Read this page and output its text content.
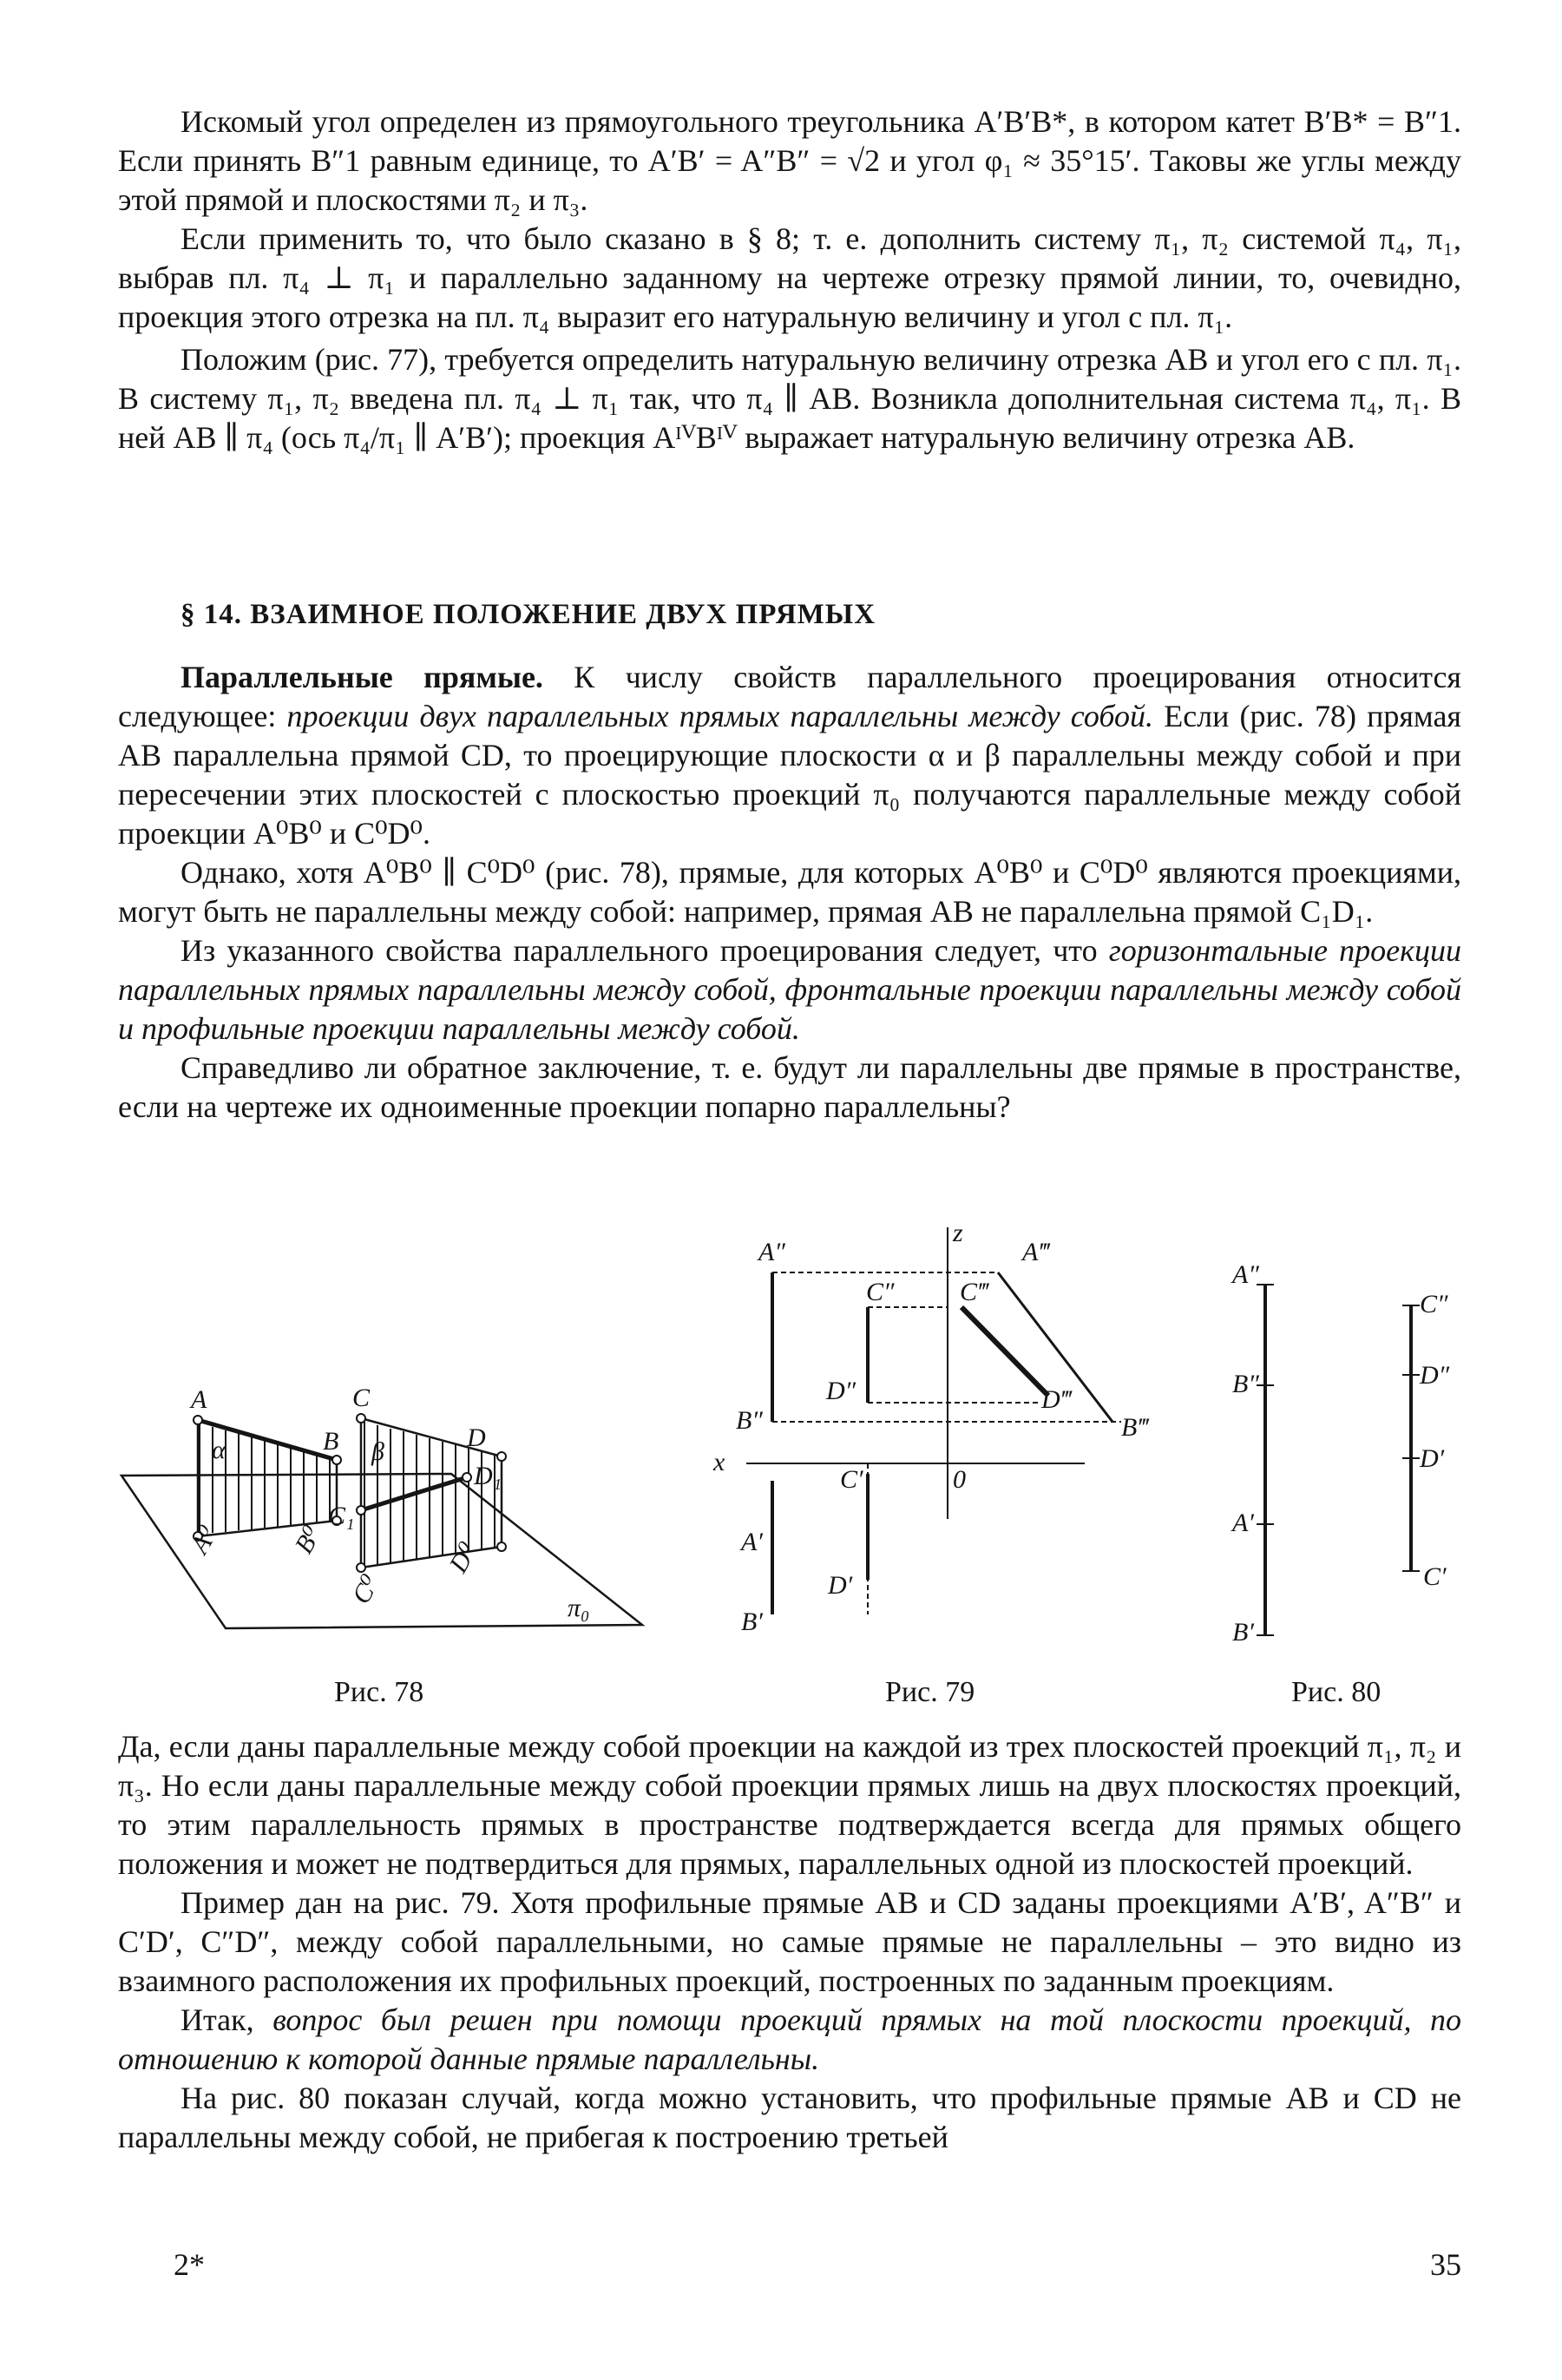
Искомый угол определен из прямоугольного треугольника A′B′B*, в котором катет B′B* = B″1. Если принять B″1 равным единице, то A′B′ = A″B″ = √2 и угол φ₁ ≈ 35°15′. Таковы же углы между этой прямой и плоскостями π₂ и π₃.

Если применить то, что было сказано в § 8; т. е. дополнить систему π₁, π₂ системой π₄, π₁, выбрав пл. π₄ ⊥ π₁ и параллельно заданному на чертеже отрезку прямой линии, то, очевидно, проекция этого отрезка на пл. π₄ выразит его натуральную величину и угол с пл. π₁.

Положим (рис. 77), требуется определить натуральную величину отрезка AB и угол его с пл. π₁. В систему π₁, π₂ введена пл. π₄ ⊥ π₁ так, что π₄ ∥ AB. Возникла дополнительная система π₄, π₁. В ней AB ∥ π₄ (ось π₄/π₁ ∥ A′B′); проекция AᴵⱽBᴵⱽ выражает натуральную величину отрезка AB.

§ 14. ВЗАИМНОЕ ПОЛОЖЕНИЕ ДВУХ ПРЯМЫХ

Параллельные прямые. К числу свойств параллельного проецирования относится следующее: проекции двух параллельных прямых параллельны между собой. Если (рис. 78) прямая AB параллельна прямой CD, то проецирующие плоскости α и β параллельны между собой и при пересечении этих плоскостей с плоскостью проекций π₀ получаются параллельные между собой проекции A⁰B⁰ и C⁰D⁰.

Однако, хотя A⁰B⁰ ∥ C⁰D⁰ (рис. 78), прямые, для которых A⁰B⁰ и C⁰D⁰ являются проекциями, могут быть не параллельны между собой: например, прямая AB не параллельна прямой C₁D₁.

Из указанного свойства параллельного проецирования следует, что горизонтальные проекции параллельных прямых параллельны между собой, фронтальные проекции параллельны между собой и профильные проекции параллельны между собой.

Справедливо ли обратное заключение, т. е. будут ли параллельны две прямые в пространстве, если на чертеже их одноименные проекции попарно параллельны?

A
B
C
D
D₁
C₁
α	β
A⁰	B⁰
C⁰
D⁰
π₀
Рис. 78
A″
z
A‴
C″	C‴
D″	D‴
B″	B‴
x
C′	0
A′
D′
B′
Рис. 79
A″
B″
A′
B′
C″
D″
D′
C′
Рис. 80

Да, если даны параллельные между собой проекции на каждой из трех плоскостей проекций π₁, π₂ и π₃. Но если даны параллельные между собой проекции прямых лишь на двух плоскостях проекций, то этим параллельность прямых в пространстве подтверждается всегда для прямых общего положения и может не подтвердиться для прямых, параллельных одной из плоскостей проекций.

Пример дан на рис. 79. Хотя профильные прямые AB и CD заданы проекциями A′B′, A″B″ и C′D′, C″D″, между собой параллельными, но самые прямые не параллельны – это видно из взаимного расположения их профильных проекций, построенных по заданным проекциям.

Итак, вопрос был решен при помощи проекций прямых на той плоскости проекций, по отношению к которой данные прямые параллельны.

На рис. 80 показан случай, когда можно установить, что профильные прямые AB и CD не параллельны между собой, не прибегая к построению третьей

2*	35
